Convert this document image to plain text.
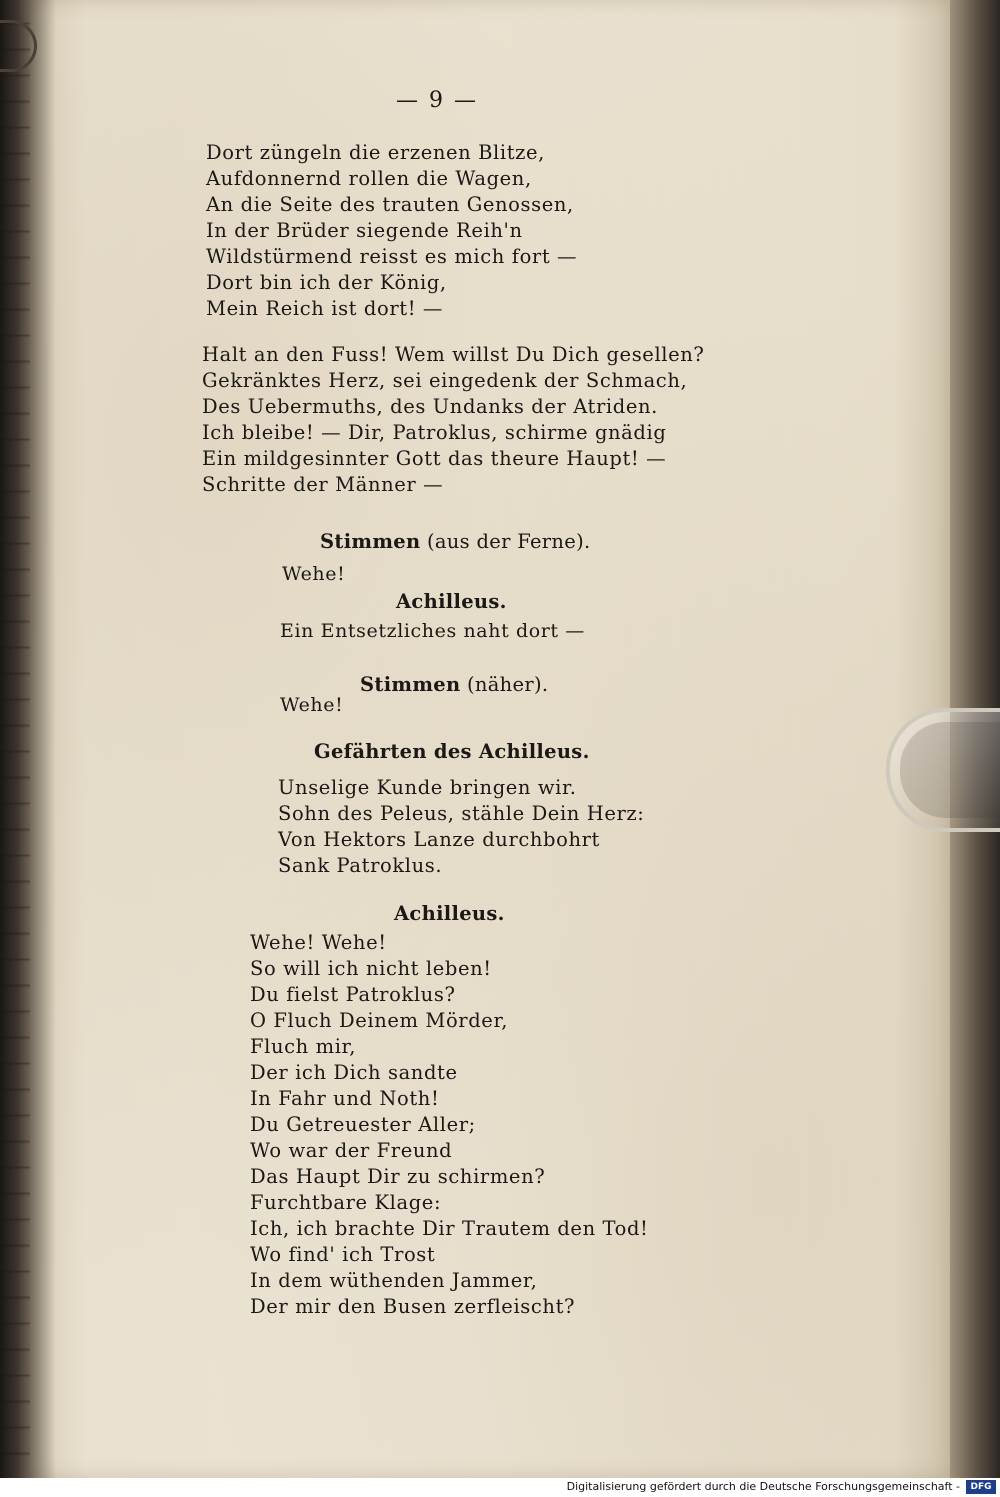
— 9 —
Dort züngeln die erzenen Blitze,
Aufdonnernd rollen die Wagen,
An die Seite des trauten Genossen,
In der Brüder siegende Reih'n
Wildstürmend reisst es mich fort —
Dort bin ich der König,
Mein Reich ist dort! —
Halt an den Fuss! Wem willst Du Dich gesellen?
Gekränktes Herz, sei eingedenk der Schmach,
Des Uebermuths, des Undanks der Atriden.
Ich bleibe! — Dir, Patroklus, schirme gnädig
Ein mildgesinnter Gott das theure Haupt! —
Schritte der Männer —
Stimmen (aus der Ferne).
Wehe!
Achilleus.
Ein Entsetzliches naht dort —
Stimmen (näher).
Wehe!
Gefährten des Achilleus.
Unselige Kunde bringen wir.
Sohn des Peleus, stähle Dein Herz:
Von Hektors Lanze durchbohrt
Sank Patroklus.
Achilleus.
Wehe! Wehe!
So will ich nicht leben!
Du fielst Patroklus?
O Fluch Deinem Mörder,
Fluch mir,
Der ich Dich sandte
In Fahr und Noth!
Du Getreuester Aller;
Wo war der Freund
Das Haupt Dir zu schirmen?
Furchtbare Klage:
Ich, ich brachte Dir Trautem den Tod!
Wo find' ich Trost
In dem wüthenden Jammer,
Der mir den Busen zerfleischt?
Digitalisierung gefördert durch die Deutsche Forschungsgemeinschaft -	DFG
